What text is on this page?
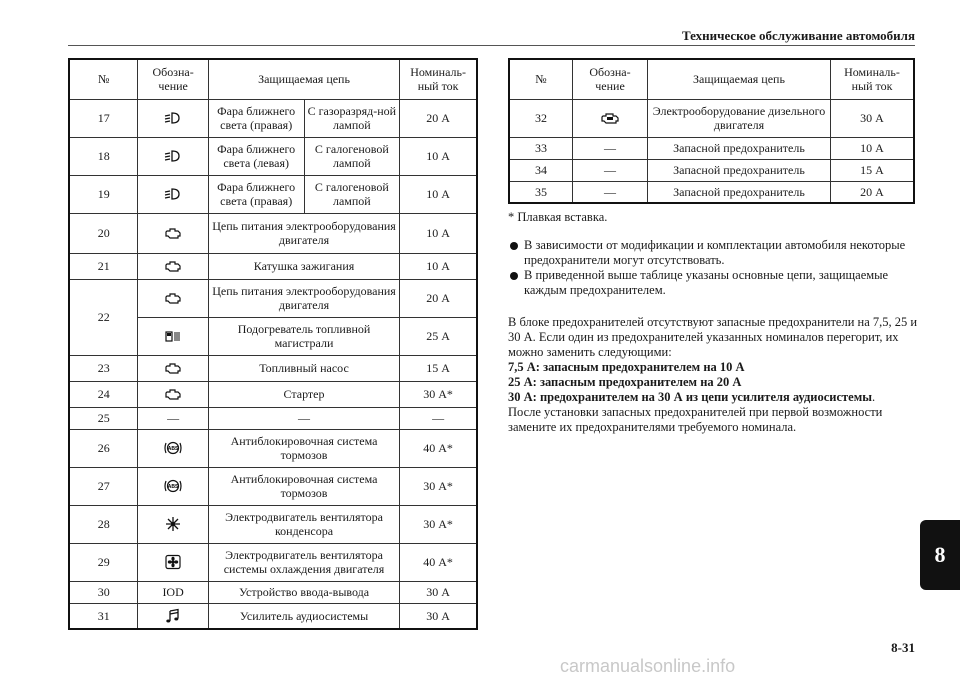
Техническое обслуживание автомобиля
№	Обозна-
чение	Защищаемая цепь		Номиналь-
ный ток
17		Фара ближнего света (правая)	С газоразряд-ной лампой	20 А
18		Фара ближнего света (левая)	С галогеновой лампой	10 А
19		Фара ближнего света (правая)	С галогеновой лампой	10 А
20		Цепь питания электрооборудования двигателя		10 А
21		Катушка зажигания		10 А
22		Цепь питания электрооборудования двигателя		20 А
	Подогреватель топливной магистрали		25 А
23		Топливный насос		15 А
24		Стартер		30 А*
25	—	—		—
26	ABS	Антиблокировочная система тормозов		40 А*
27	ABS	Антиблокировочная система тормозов		30 А*
28		Электродвигатель вентилятора конденсора		30 А*
29		Электродвигатель вентилятора системы охлаждения двигателя		40 А*
30	IOD	Устройство ввода-вывода		30 А
31		Усилитель аудиосистемы		30 А
№	Обозна-
чение	Защищаемая цепь	Номиналь-
ный ток
32		Электрооборудование дизельного двигателя	30 А
33	—	Запасной предохранитель	10 А
34	—	Запасной предохранитель	15 А
35	—	Запасной предохранитель	20 А
* Плавкая вставка.
В зависимости от модификации и комплектации автомобиля некоторые предохранители могут отсутствовать.
В приведенной выше таблице указаны основные цепи, защищаемые каждым предохранителем.
В блоке предохранителей отсутствуют запасные предохранители на 7,5, 25 и 30 А. Если один из предохранителей указанных номиналов перегорит, их можно заменить следующими:
7,5 А: запасным предохранителем на 10 А
25 А: запасным предохранителем на 20 А
30 А: предохранителем на 30 А из цепи усилителя аудиосистемы.
После установки запасных предохранителей при первой возможности замените их предохранителями требуемого номинала.
8
8-31
carmanualsonline.info
